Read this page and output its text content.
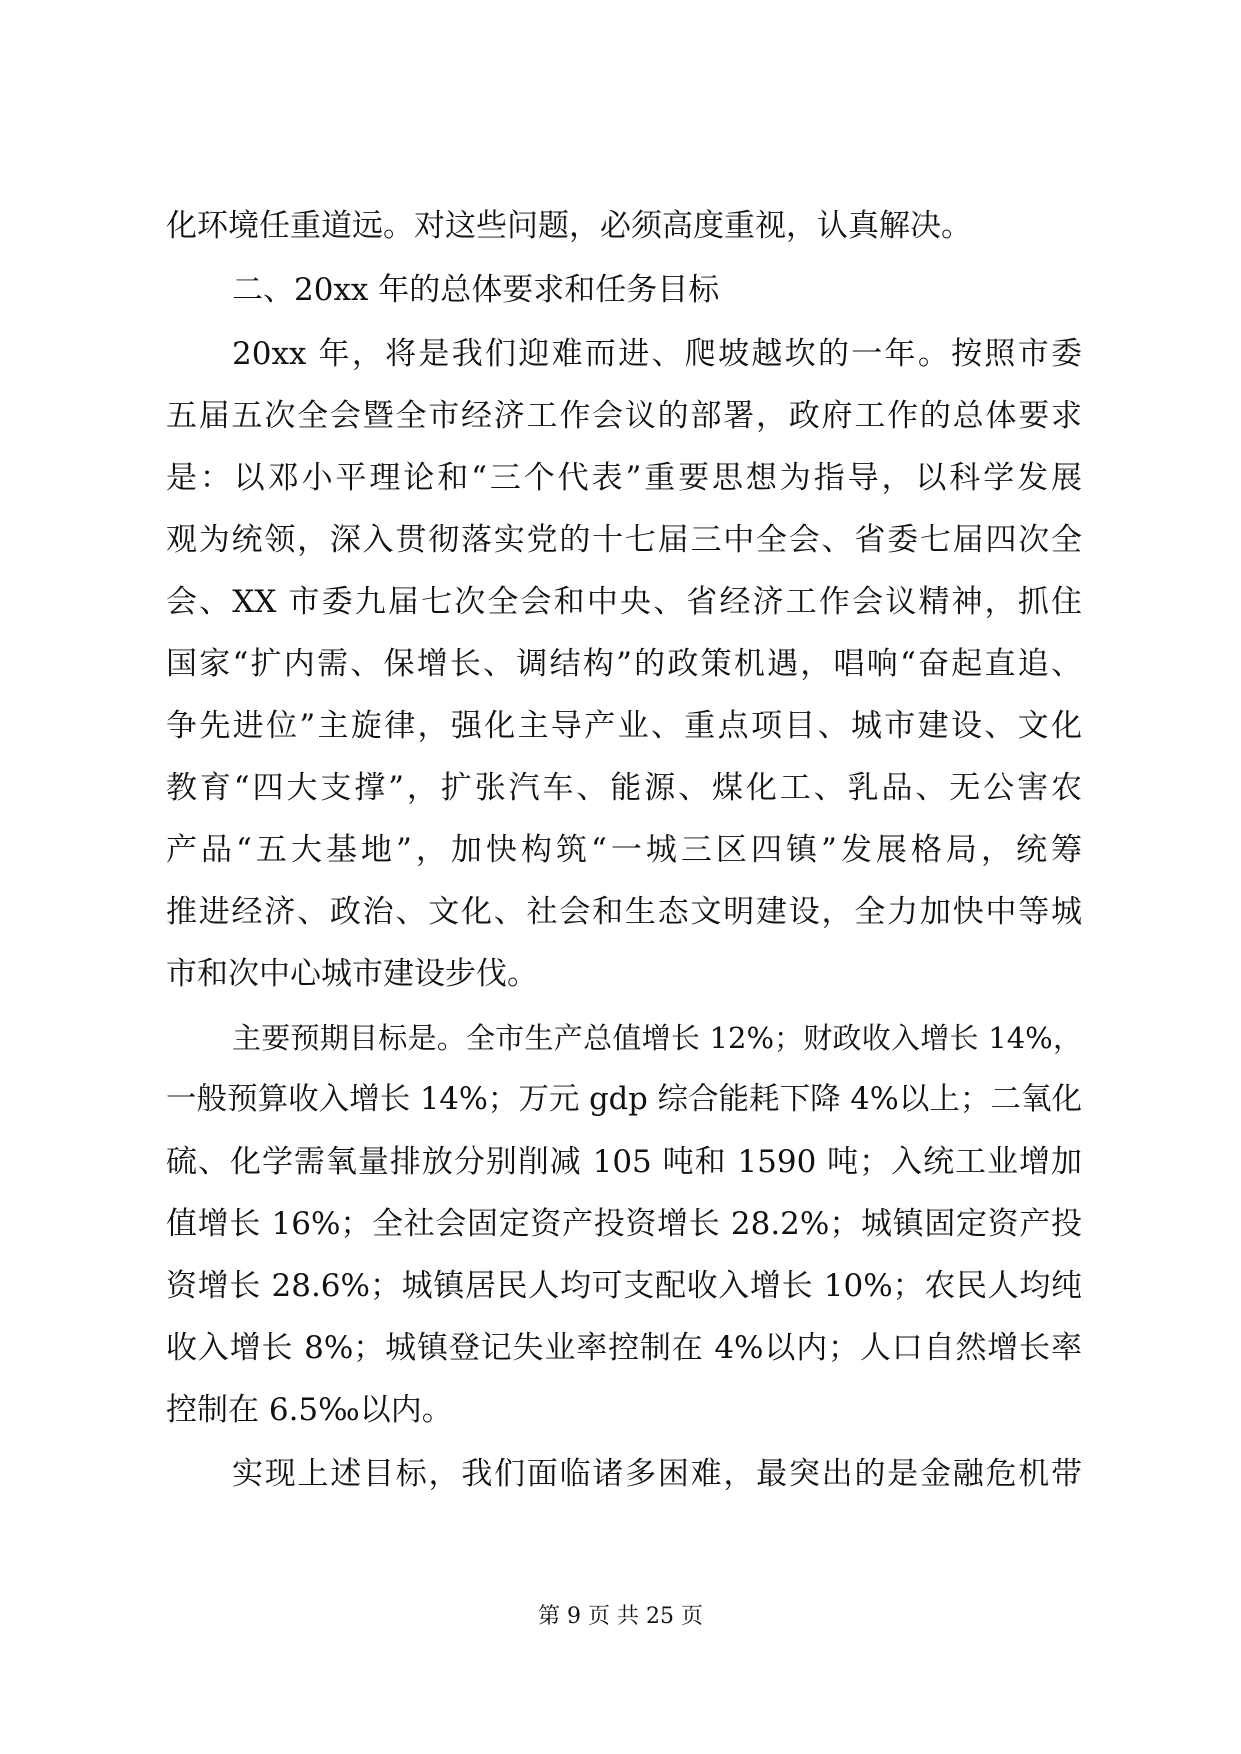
化环境任重道远。对这些问题，必须高度重视，认真解决。
二、20xx 年的总体要求和任务目标
20xx 年，将是我们迎难而进、爬坡越坎的一年。按照市委
五届五次全会暨全市经济工作会议的部署，政府工作的总体要求
是：以邓小平理论和“三个代表”重要思想为指导，以科学发展
观为统领，深入贯彻落实党的十七届三中全会、省委七届四次全
会、XX 市委九届七次全会和中央、省经济工作会议精神，抓住
国家“扩内需、保增长、调结构”的政策机遇，唱响“奋起直追、
争先进位”主旋律，强化主导产业、重点项目、城市建设、文化
教育“四大支撑”，扩张汽车、能源、煤化工、乳品、无公害农
产品“五大基地”，加快构筑“一城三区四镇”发展格局，统筹
推进经济、政治、文化、社会和生态文明建设，全力加快中等城
市和次中心城市建设步伐。
主要预期目标是。全市生产总值增长 12%；财政收入增长 14%，
一般预算收入增长 14%；万元 gdp 综合能耗下降 4%以上；二氧化
硫、化学需氧量排放分别削减 105 吨和 1590 吨；入统工业增加
值增长 16%；全社会固定资产投资增长 28.2%；城镇固定资产投
资增长 28.6%；城镇居民人均可支配收入增长 10%；农民人均纯
收入增长 8%；城镇登记失业率控制在 4%以内；人口自然增长率
控制在 6.5‰以内。
实现上述目标，我们面临诸多困难，最突出的是金融危机带
第 9 页 共 25 页
